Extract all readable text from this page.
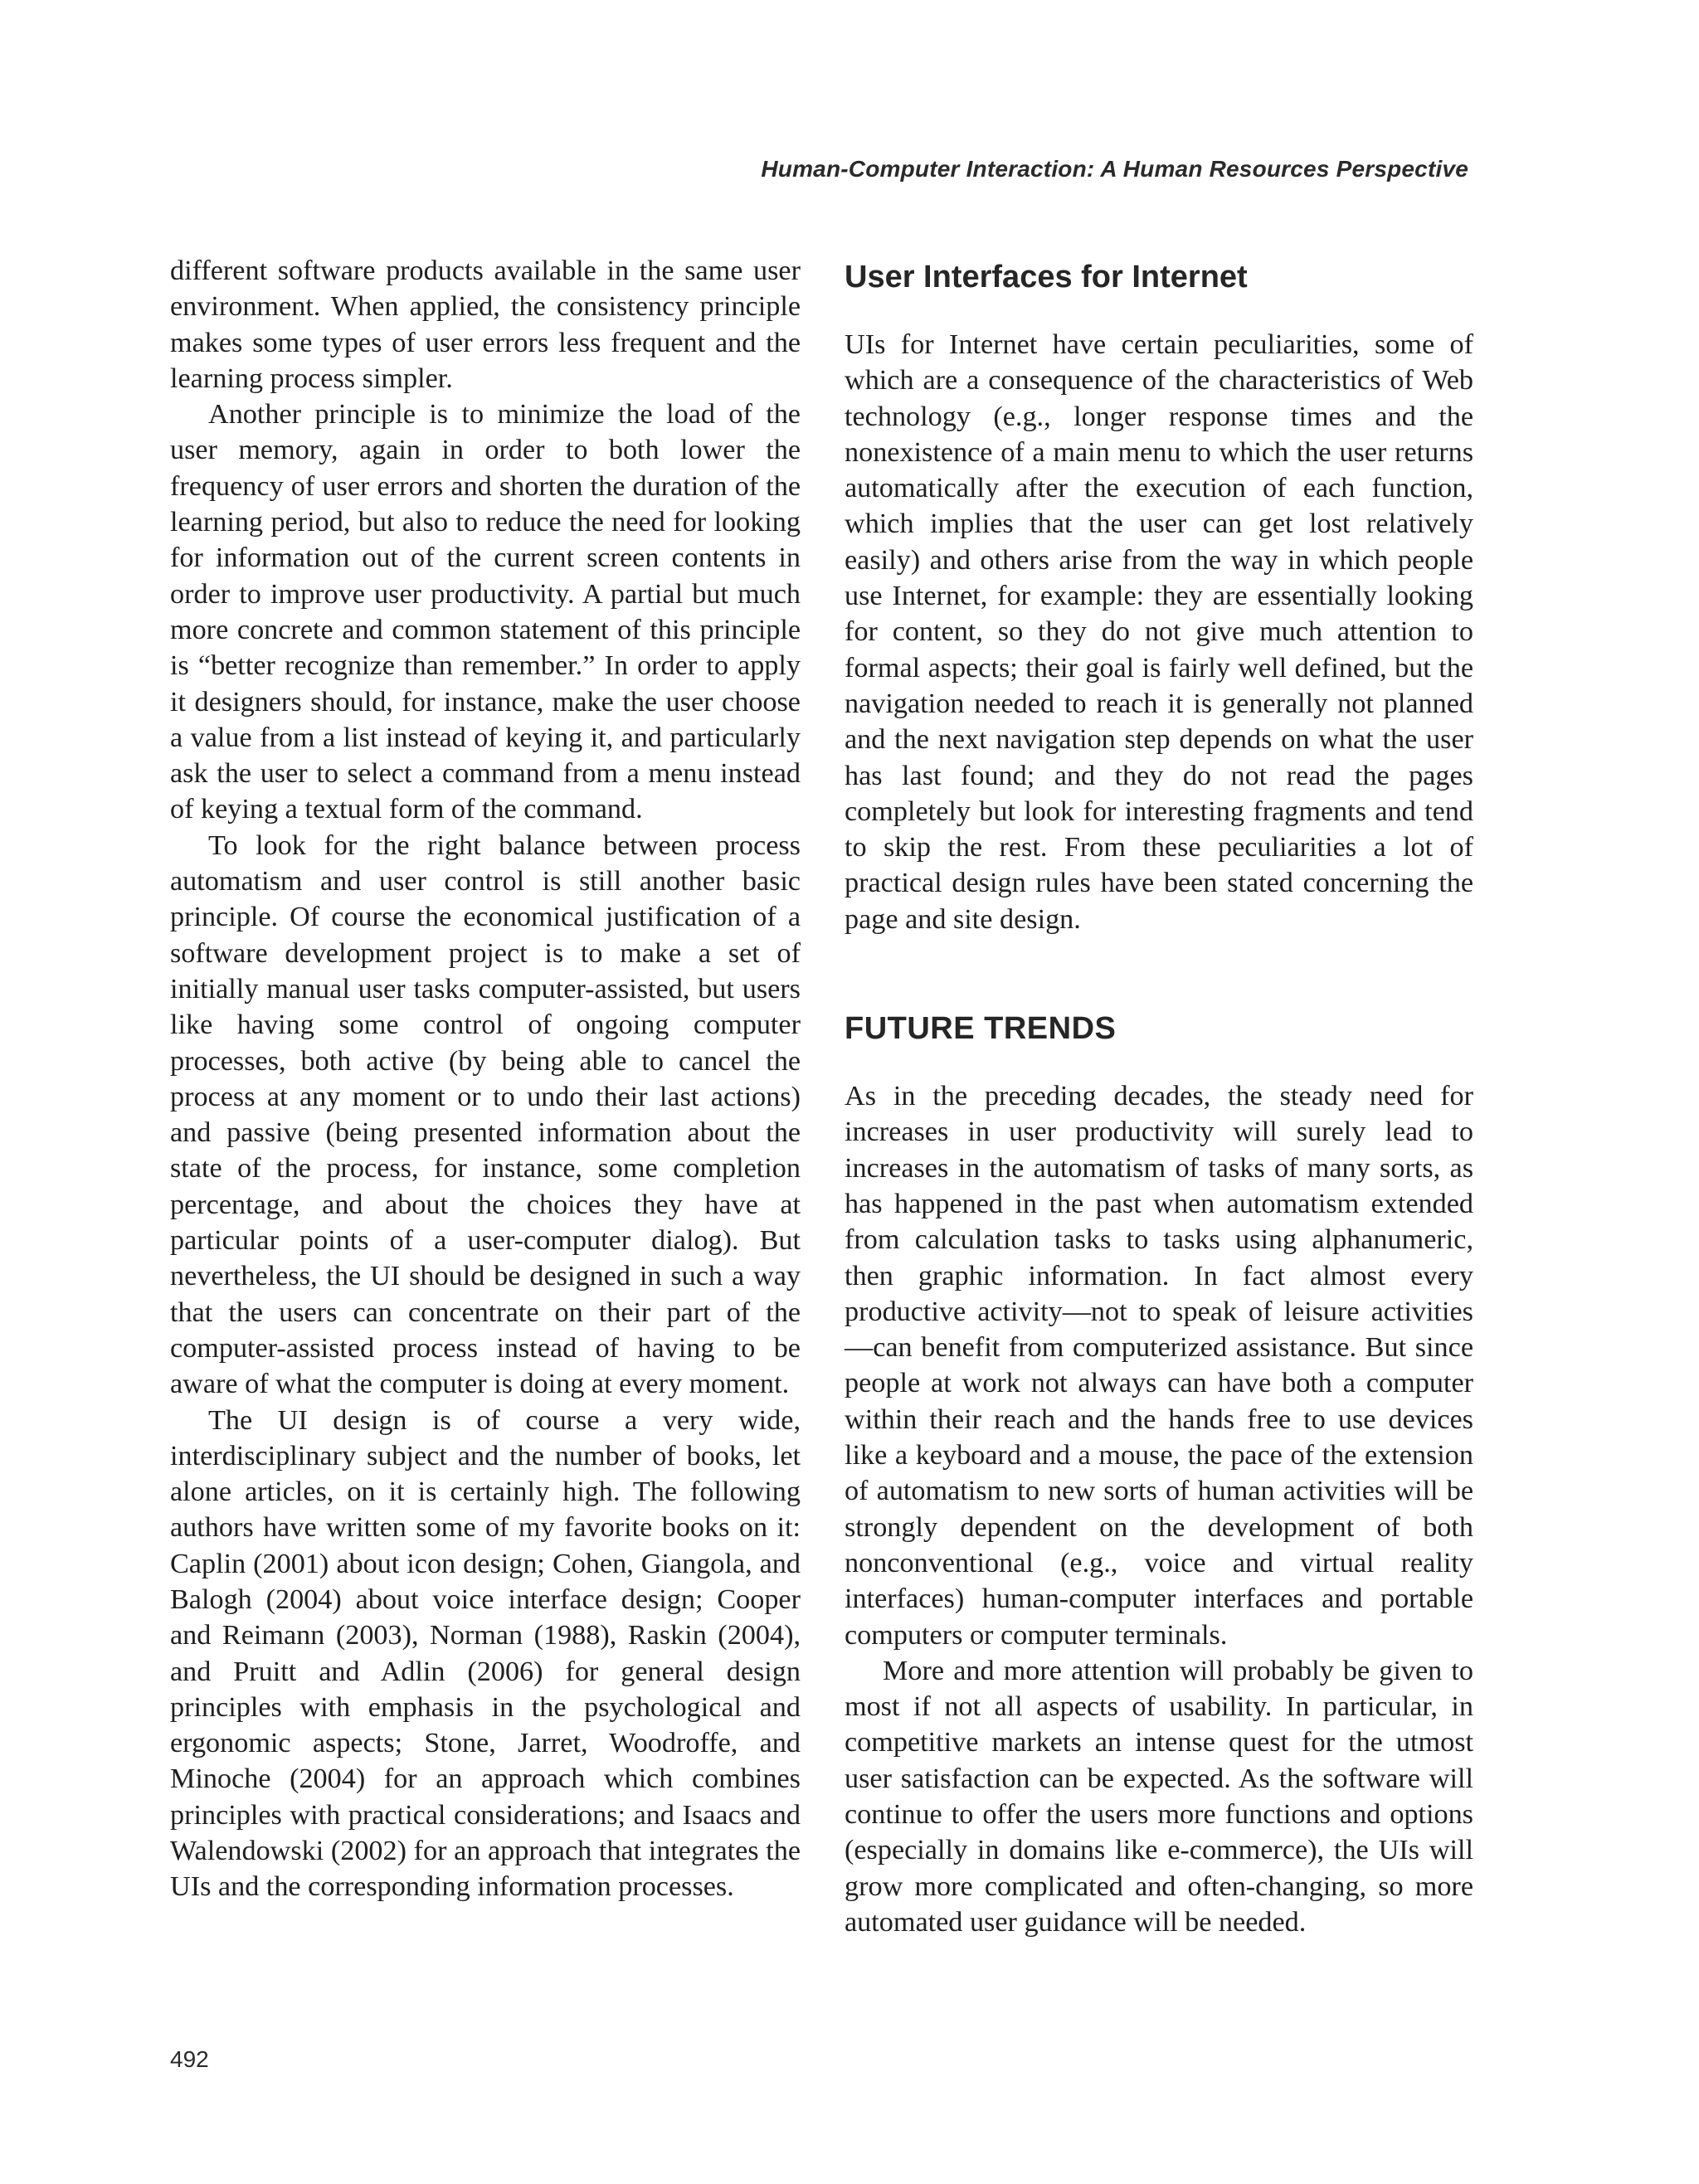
Human-Computer Interaction: A Human Resources Perspective

different software products available in the same user environment. When applied, the consistency principle makes some types of user errors less frequent and the learning process simpler.

Another principle is to minimize the load of the user memory, again in order to both lower the frequency of user errors and shorten the duration of the learning period, but also to reduce the need for looking for information out of the current screen contents in order to improve user productivity. A partial but much more concrete and common statement of this principle is “better recognize than remember.” In order to apply it designers should, for instance, make the user choose a value from a list instead of keying it, and particularly ask the user to select a command from a menu instead of keying a textual form of the command.

To look for the right balance between process automatism and user control is still another basic principle. Of course the economical justification of a software development project is to make a set of initially manual user tasks computer-assisted, but users like having some control of ongoing computer processes, both active (by being able to cancel the process at any moment or to undo their last actions) and passive (being presented information about the state of the process, for instance, some completion percentage, and about the choices they have at particular points of a user-computer dialog). But nevertheless, the UI should be designed in such a way that the users can concentrate on their part of the computer-assisted process instead of having to be aware of what the computer is doing at every moment.

The UI design is of course a very wide, interdisciplinary subject and the number of books, let alone articles, on it is certainly high. The following authors have written some of my favorite books on it: Caplin (2001) about icon design; Cohen, Giangola, and Balogh (2004) about voice interface design; Cooper and Reimann (2003), Norman (1988), Raskin (2004), and Pruitt and Adlin (2006) for general design principles with emphasis in the psychological and ergonomic aspects; Stone, Jarret, Woodroffe, and Minoche (2004) for an approach which combines principles with practical considerations; and Isaacs and Walendowski (2002) for an approach that integrates the UIs and the corresponding information processes.

User Interfaces for Internet

UIs for Internet have certain peculiarities, some of which are a consequence of the characteristics of Web technology (e.g., longer response times and the nonexistence of a main menu to which the user returns automatically after the execution of each function, which implies that the user can get lost relatively easily) and others arise from the way in which people use Internet, for example: they are essentially looking for content, so they do not give much attention to formal aspects; their goal is fairly well defined, but the navigation needed to reach it is generally not planned and the next navigation step depends on what the user has last found; and they do not read the pages completely but look for interesting fragments and tend to skip the rest. From these peculiarities a lot of practical design rules have been stated concerning the page and site design.

FUTURE TRENDS

As in the preceding decades, the steady need for increases in user productivity will surely lead to increases in the automatism of tasks of many sorts, as has happened in the past when automatism extended from calculation tasks to tasks using alphanumeric, then graphic information. In fact almost every productive activity—not to speak of leisure activities—can benefit from computerized assistance. But since people at work not always can have both a computer within their reach and the hands free to use devices like a keyboard and a mouse, the pace of the extension of automatism to new sorts of human activities will be strongly dependent on the development of both nonconventional (e.g., voice and virtual reality interfaces) human-computer interfaces and portable computers or computer terminals.

More and more attention will probably be given to most if not all aspects of usability. In particular, in competitive markets an intense quest for the utmost user satisfaction can be expected. As the software will continue to offer the users more functions and options (especially in domains like e-commerce), the UIs will grow more complicated and often-changing, so more automated user guidance will be needed.

492
